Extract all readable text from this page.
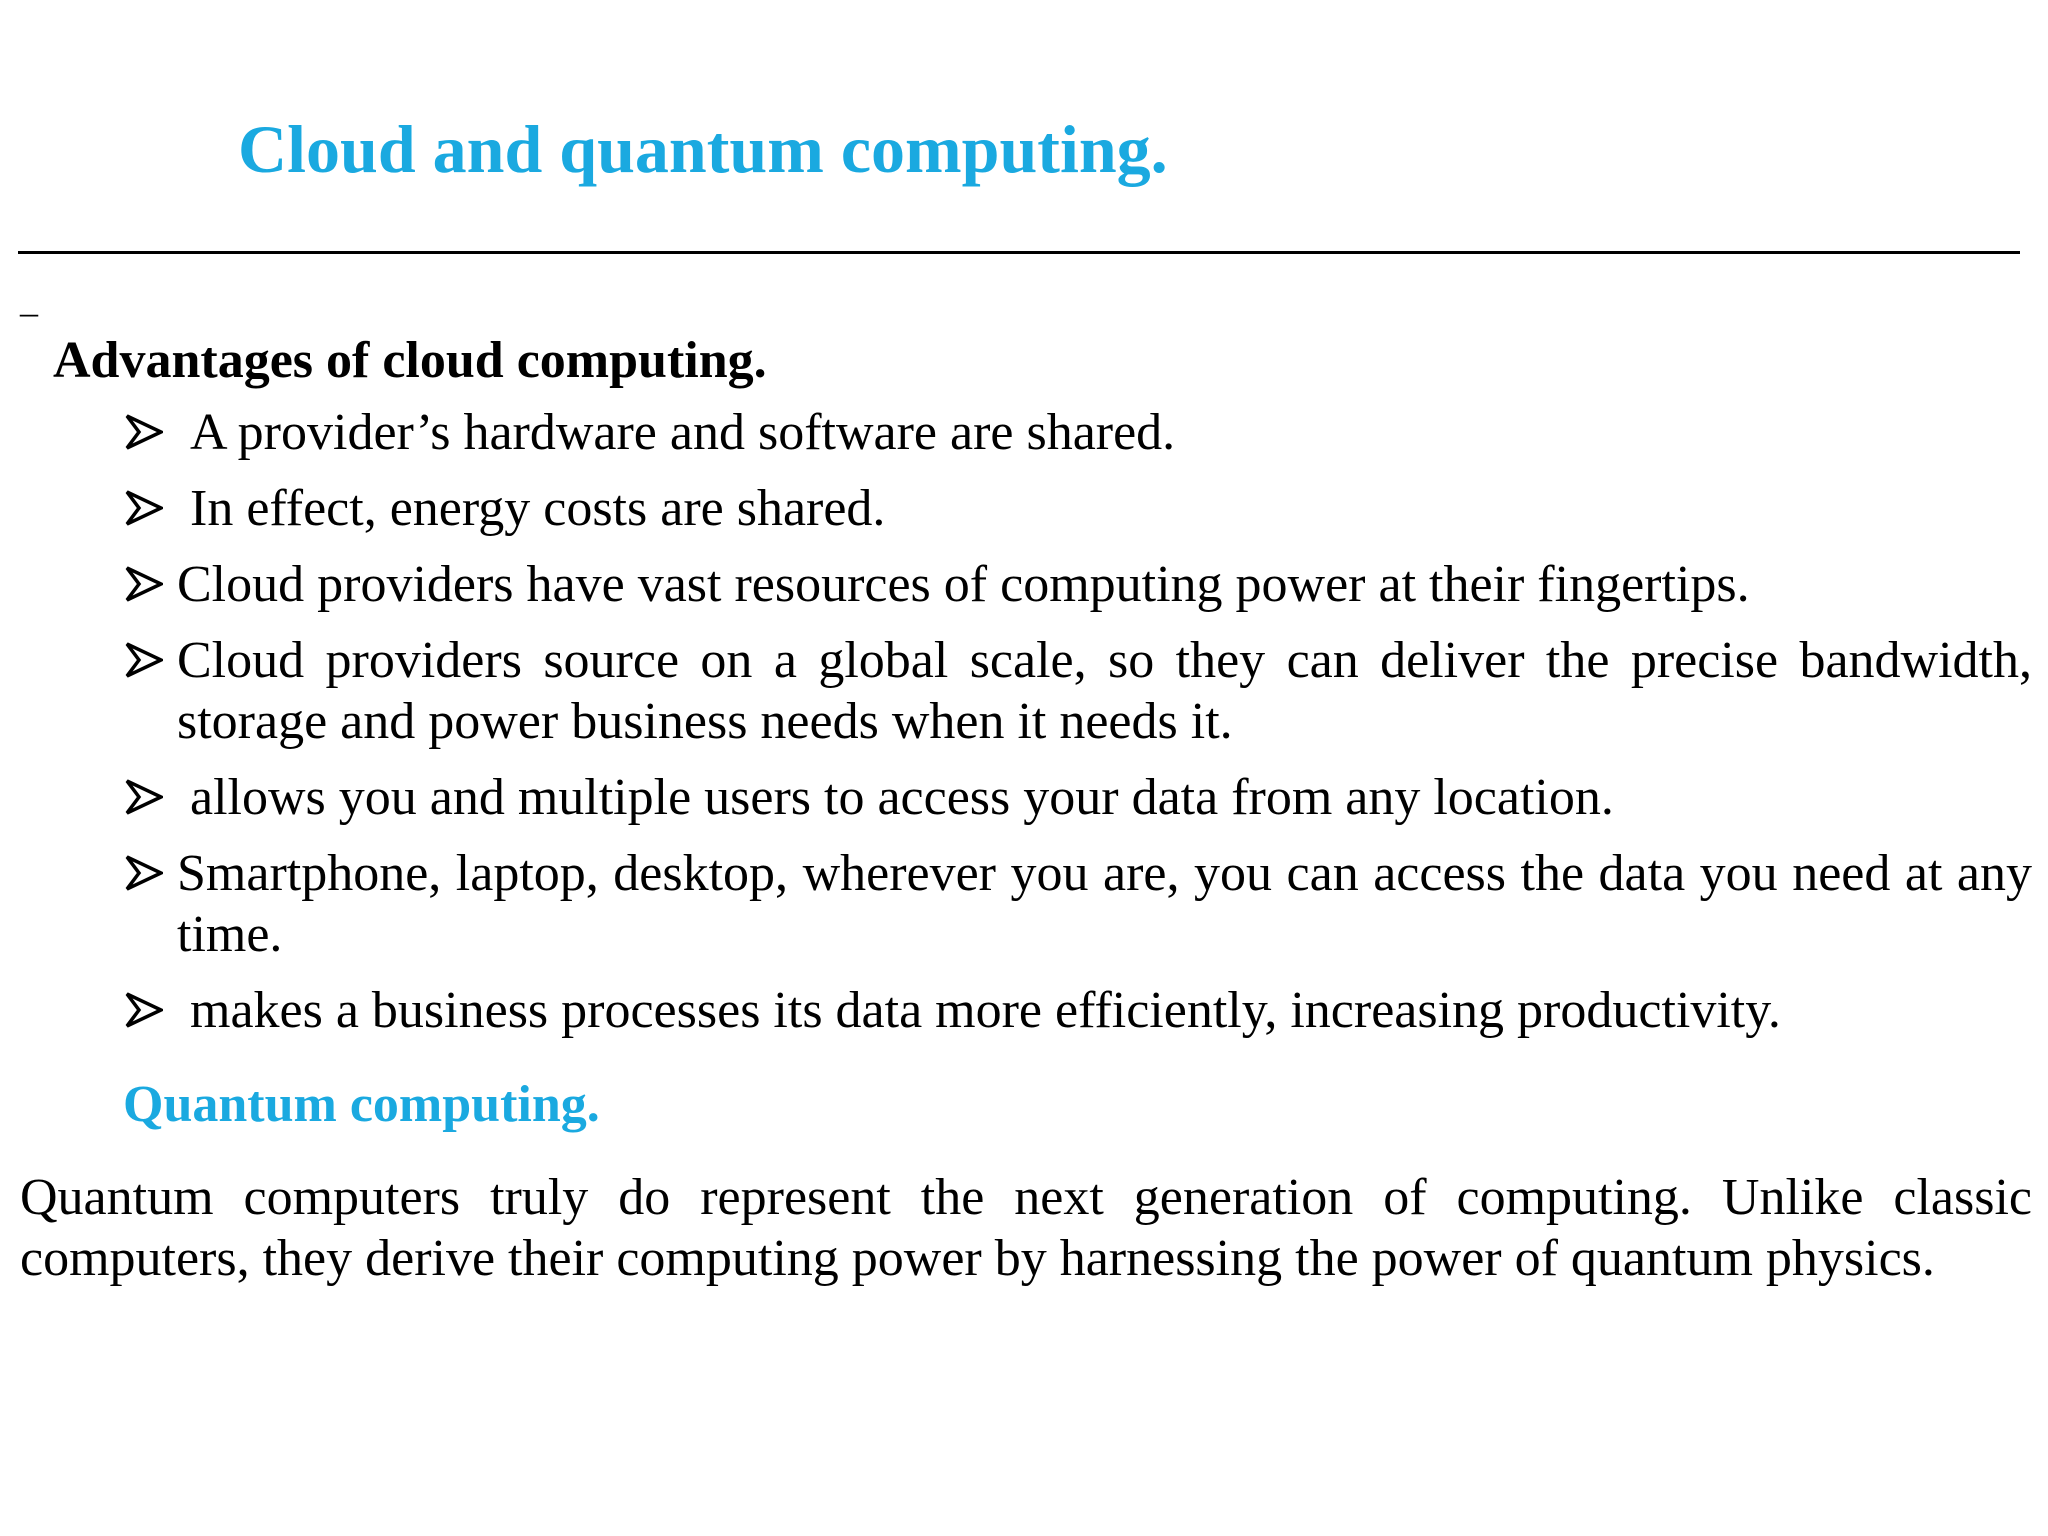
Cloud and quantum computing.
_
Advantages of cloud computing.
A provider’s hardware and software are shared.
In effect, energy costs are shared.
Cloud providers have vast resources of computing power at their fingertips.
Cloud providers source on a global scale, so they can deliver the precise bandwidth, storage and power business needs when it needs it.
allows you and multiple users to access your data from any location.
Smartphone, laptop, desktop, wherever you are, you can access the data you need at any time.
makes a business processes its data more efficiently, increasing productivity.
Quantum computing.

Quantum computers truly do represent the next generation of computing. Unlike classic computers, they derive their computing power by harnessing the power of quantum physics.
